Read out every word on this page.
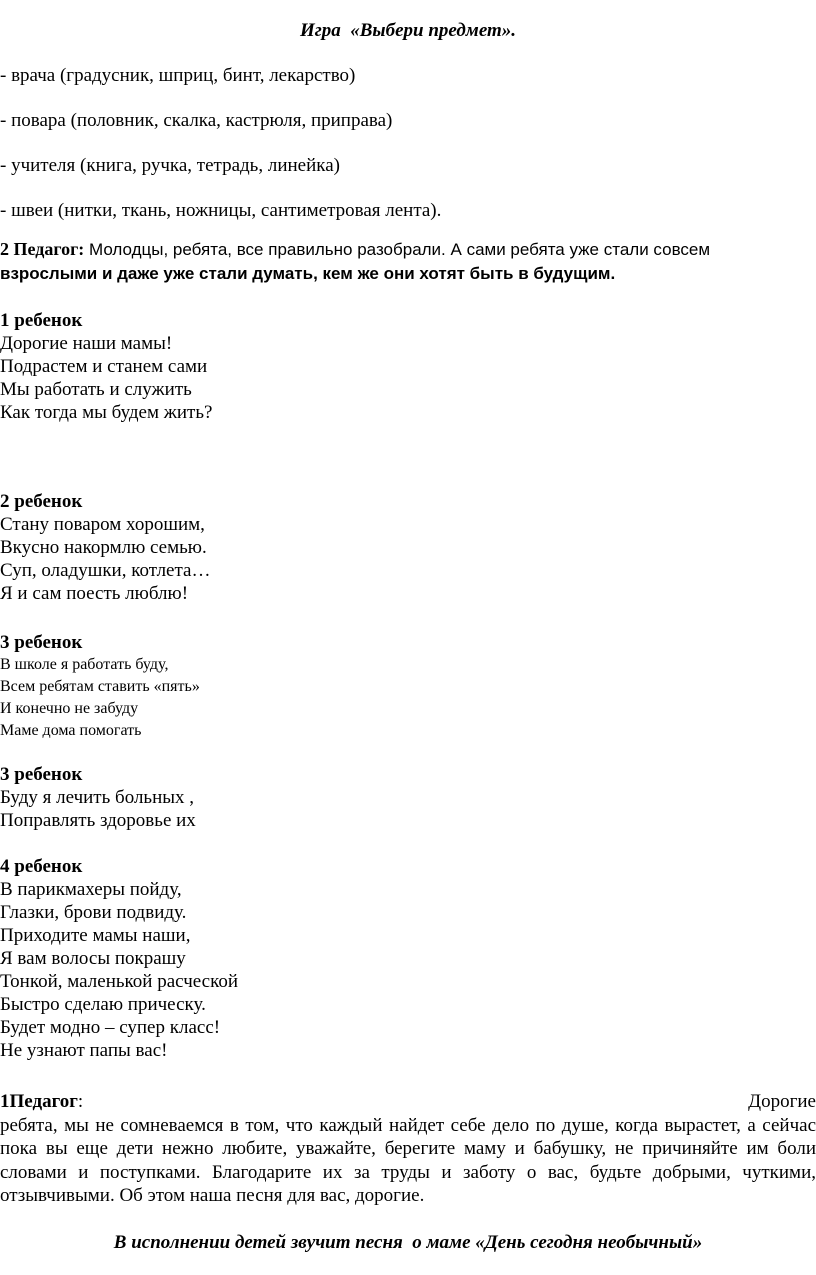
Игра  «Выбери предмет».
- врача (градусник, шприц, бинт, лекарство)
- повара (половник, скалка, кастрюля, приправа)
- учителя (книга, ручка, тетрадь, линейка)
- швеи (нитки, ткань, ножницы, сантиметровая лента).
2 Педагог: Молодцы, ребята, все правильно разобрали. А сами ребята уже стали совсем
взрослыми и даже уже стали думать, кем же они хотят быть в будущим.
1 ребенок
Дорогие наши мамы!
Подрастем и станем сами
Мы работать и служить
Как тогда мы будем жить?
2 ребенок
Стану поваром хорошим,
Вкусно накормлю семью.
Суп, оладушки, котлета…
Я и сам поесть люблю!
3 ребенок
В школе я работать буду,
Всем ребятам ставить «пять»
И конечно не забуду
Маме дома помогать
3 ребенок
Буду я лечить больных ,
Поправлять здоровье их
4 ребенок
В парикмахеры пойду,
Глазки, брови подвиду.
Приходите мамы наши,
Я вам волосы покрашу
Тонкой, маленькой расческой
Быстро сделаю прическу.
Будет модно – супер класс!
Не узнают папы вас!
1Педагог:	Дорогие
ребята, мы не сомневаемся в том, что каждый найдет себе дело по душе, когда вырастет, а сейчас пока вы еще дети нежно любите, уважайте, берегите маму и бабушку, не причиняйте им боли словами и поступками. Благодарите их за труды и заботу о вас, будьте добрыми, чуткими, отзывчивыми. Об этом наша песня для вас, дорогие.

В исполнении детей звучит песня  о маме «День сегодня необычный»
